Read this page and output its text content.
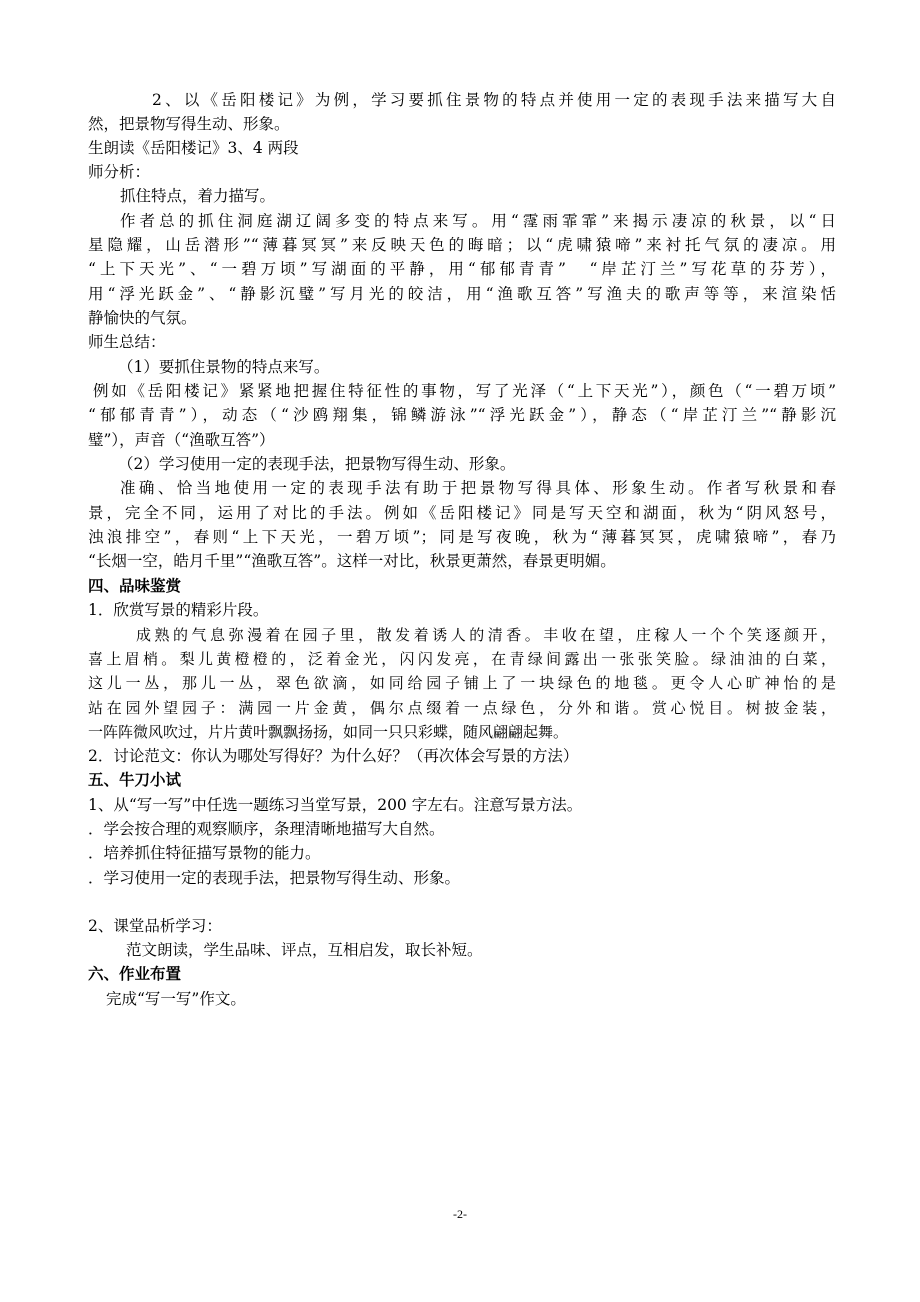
2、以《岳阳楼记》为例，学习要抓住景物的特点并使用一定的表现手法来描写大自
然，把景物写得生动、形象。
生朗读《岳阳楼记》3、4 两段
师分析：
抓住特点，着力描写。
作者总的抓住洞庭湖辽阔多变的特点来写。用“霪雨霏霏”来揭示凄凉的秋景，以“日
星隐耀，山岳潜形”“薄暮冥冥”来反映天色的晦暗；以“虎啸猿啼”来衬托气氛的凄凉。用
“上下天光”、“一碧万顷”写湖面的平静，用“郁郁青青”　“岸芷汀兰”写花草的芬芳），
用“浮光跃金”、“静影沉璧”写月光的皎洁，用“渔歌互答”写渔夫的歌声等等，来渲染恬
静愉快的气氛。
师生总结：
（1）要抓住景物的特点来写。
例如《岳阳楼记》紧紧地把握住特征性的事物，写了光泽（“上下天光”），颜色（“一碧万顷”
“郁郁青青”），动态（“沙鸥翔集，锦鳞游泳”“浮光跃金”），静态（“岸芷汀兰”“静影沉
璧”），声音（“渔歌互答”）
（2）学习使用一定的表现手法，把景物写得生动、形象。
准确、恰当地使用一定的表现手法有助于把景物写得具体、形象生动。作者写秋景和春
景，完全不同，运用了对比的手法。例如《岳阳楼记》同是写天空和湖面，秋为“阴风怒号，
浊浪排空”，春则“上下天光，一碧万顷”；同是写夜晚，秋为“薄暮冥冥，虎啸猿啼”，春乃
“长烟一空，皓月千里”“渔歌互答”。这样一对比，秋景更萧然，春景更明媚。
四、品味鉴赏
1．欣赏写景的精彩片段。
成熟的气息弥漫着在园子里，散发着诱人的清香。丰收在望，庄稼人一个个笑逐颜开，
喜上眉梢。梨儿黄橙橙的，泛着金光，闪闪发亮，在青绿间露出一张张笑脸。绿油油的白菜，
这儿一丛，那儿一丛，翠色欲滴，如同给园子铺上了一块绿色的地毯。更令人心旷神怡的是
站在园外望园子：满园一片金黄，偶尔点缀着一点绿色，分外和谐。赏心悦目。树披金装，
一阵阵微风吹过，片片黄叶飘飘扬扬，如同一只只彩蝶，随风翩翩起舞。
2．讨论范文：你认为哪处写得好？为什么好？（再次体会写景的方法）
五、牛刀小试
1、从“写一写”中任选一题练习当堂写景，200 字左右。注意写景方法。
．学会按合理的观察顺序，条理清晰地描写大自然。
．培养抓住特征描写景物的能力。
．学习使用一定的表现手法，把景物写得生动、形象。
2、课堂品析学习：
范文朗读，学生品味、评点，互相启发，取长补短。
六、作业布置
完成“写一写”作文。
-2-
